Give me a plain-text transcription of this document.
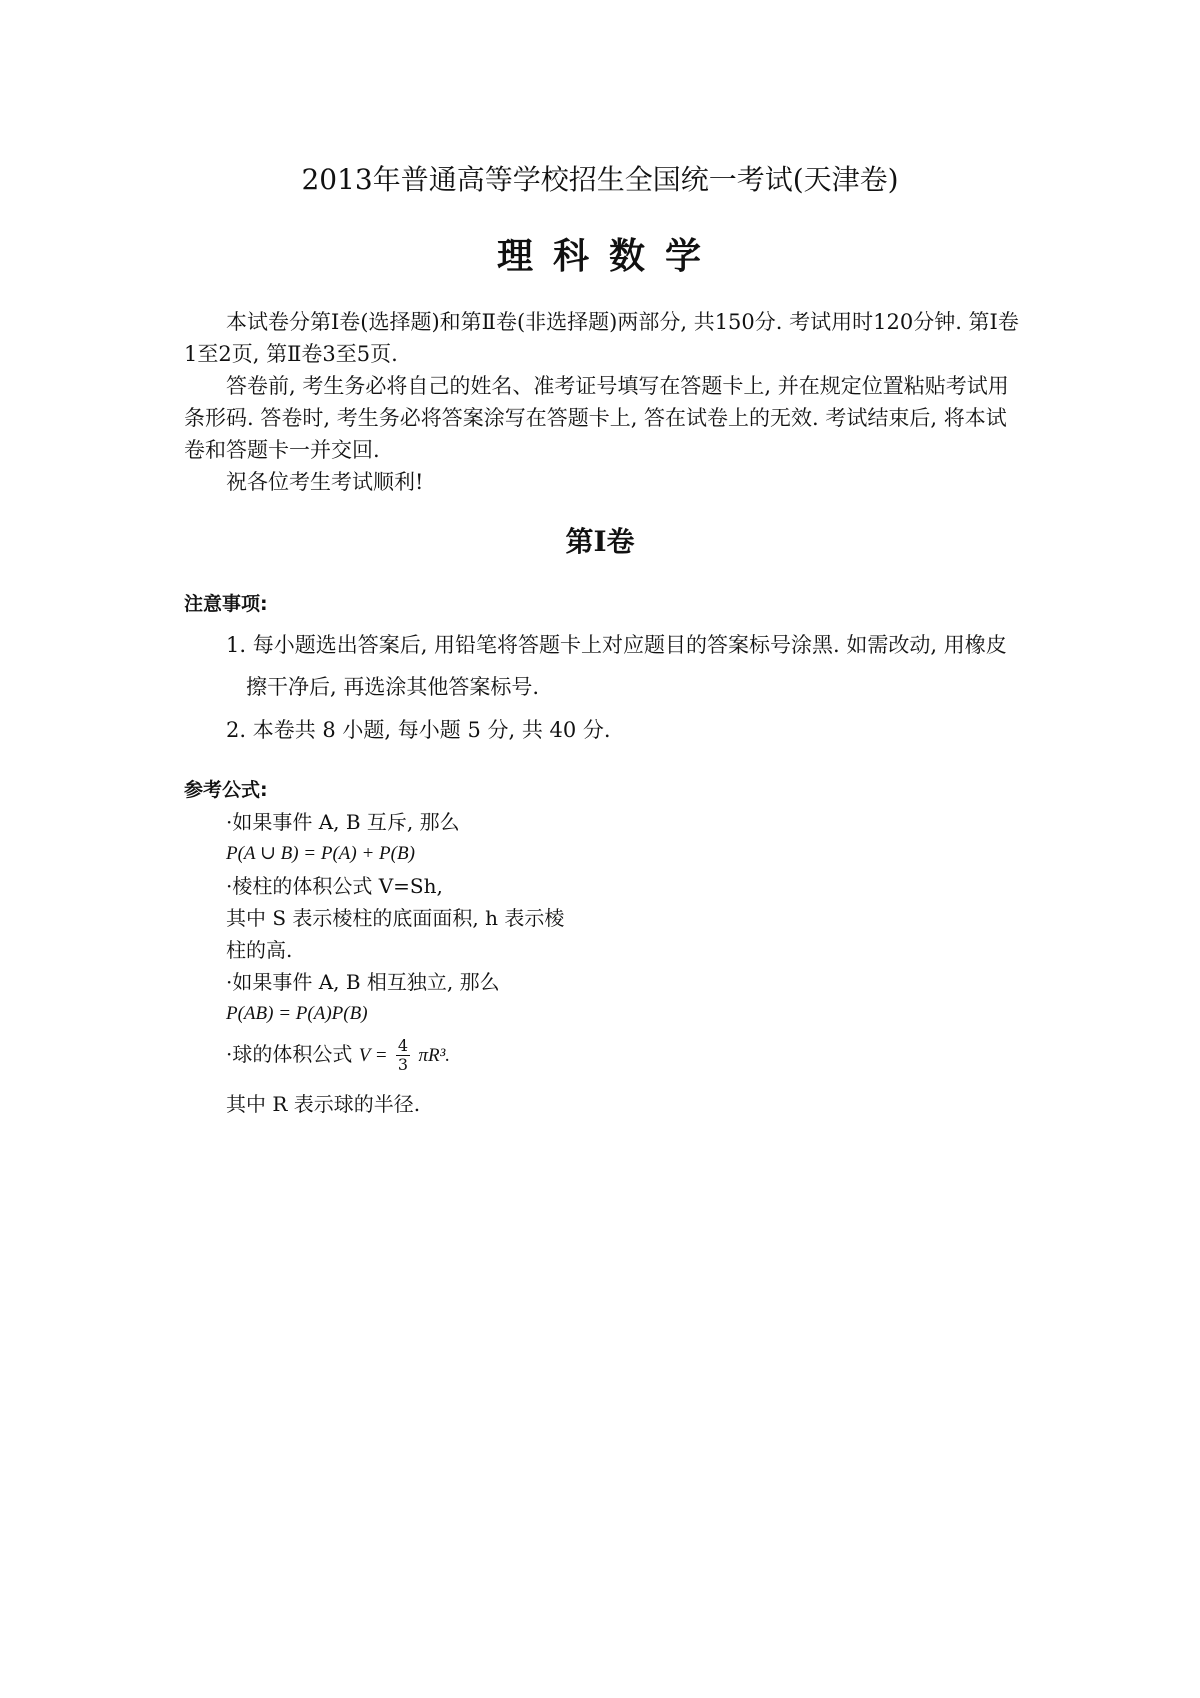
2013年普通高等学校招生全国统一考试(天津卷)
理 科 数 学

本试卷分第Ⅰ卷(选择题)和第Ⅱ卷(非选择题)两部分, 共150分. 考试用时120分钟. 第Ⅰ卷1至2页, 第Ⅱ卷3至5页.

答卷前, 考生务必将自己的姓名、准考证号填写在答题卡上, 并在规定位置粘贴考试用条形码. 答卷时, 考生务必将答案涂写在答题卡上, 答在试卷上的无效. 考试结束后, 将本试卷和答题卡一并交回.

祝各位考生考试顺利!

第Ⅰ卷
注意事项:

1. 每小题选出答案后, 用铅笔将答题卡上对应题目的答案标号涂黑. 如需改动, 用橡皮擦干净后, 再选涂其他答案标号.

2. 本卷共 8 小题, 每小题 5 分, 共 40 分.

参考公式:
·如果事件 A, B 互斥, 那么
P(A ∪ B) = P(A) + P(B)
·棱柱的体积公式 V=Sh,
其中 S 表示棱柱的底面面积, h 表示棱
柱的高.
·如果事件 A, B 相互独立, 那么
P(AB) = P(A)P(B)
·球的体积公式 $V = \frac{4}{3} \pi R^3$.
其中 R 表示球的半径.
